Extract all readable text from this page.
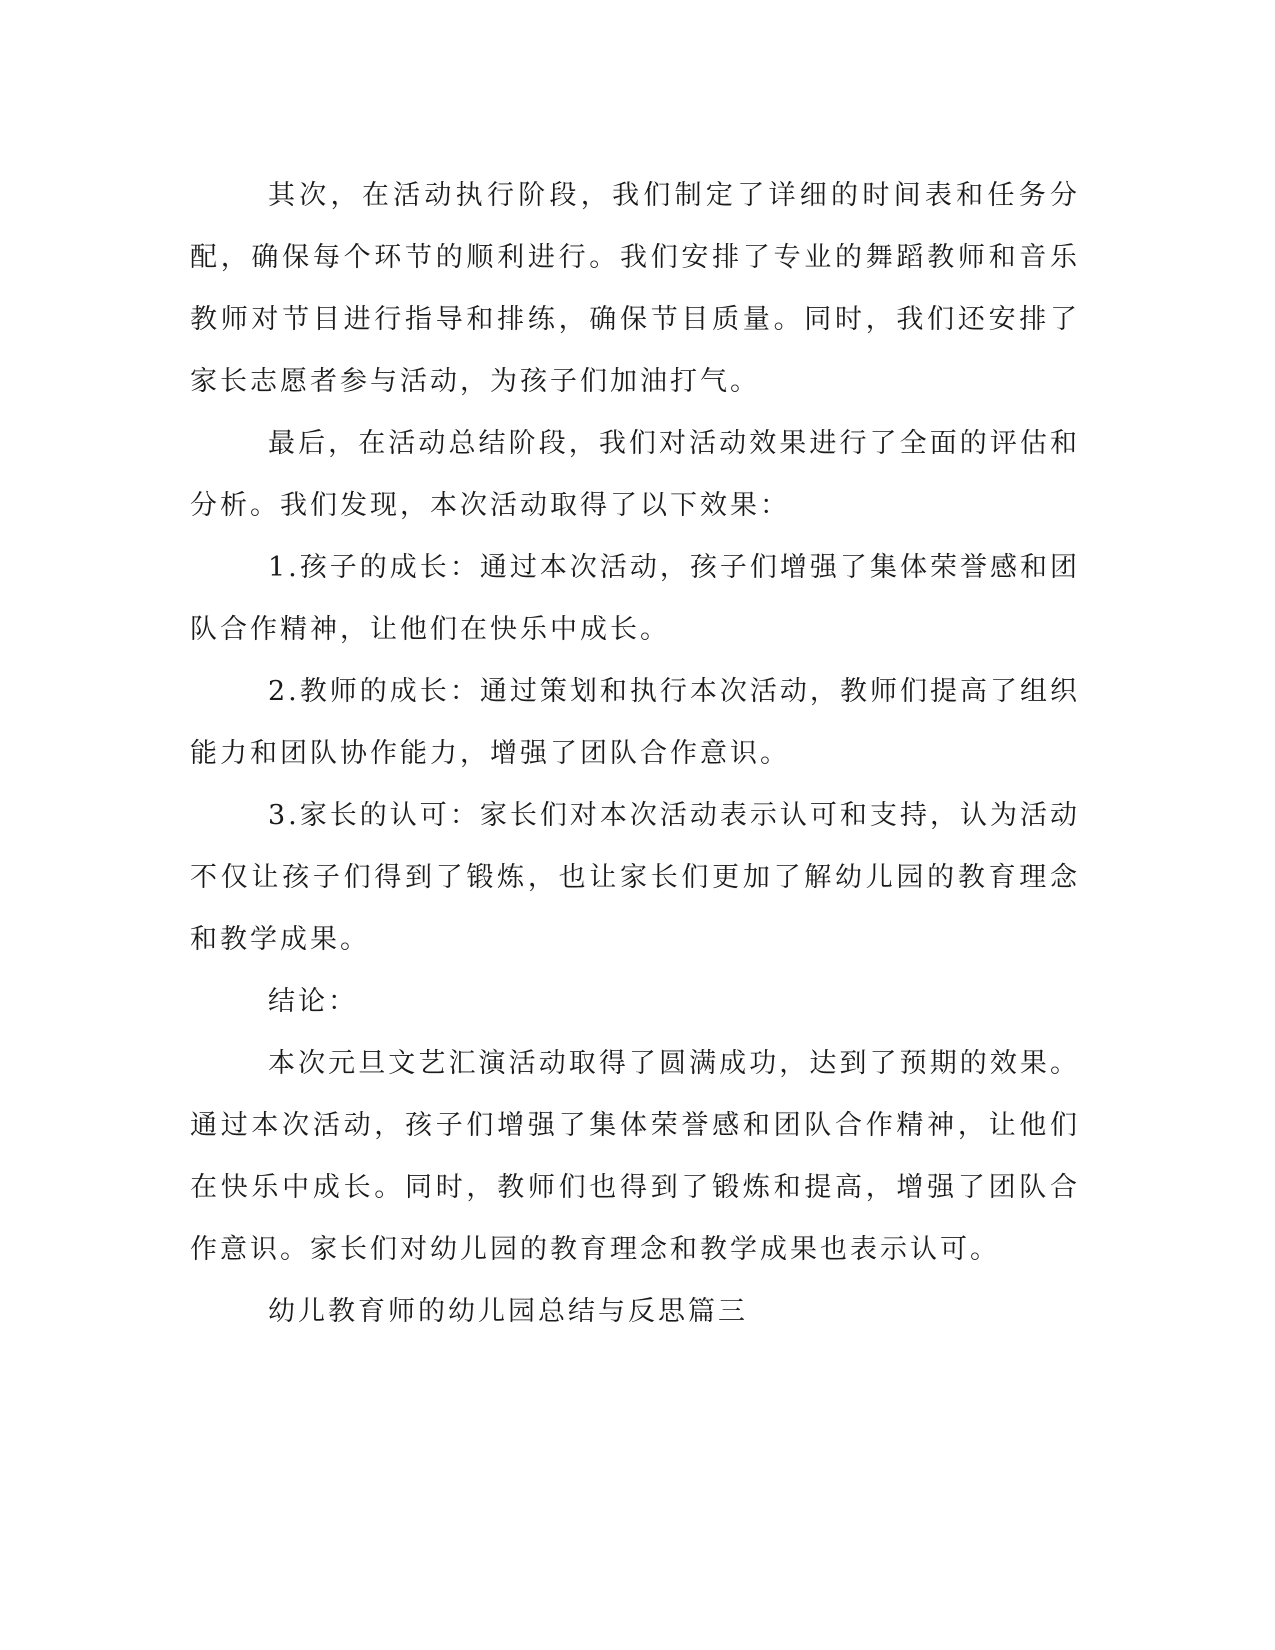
其次，在活动执行阶段，我们制定了详细的时间表和任务分配，确保每个环节的顺利进行。我们安排了专业的舞蹈教师和音乐教师对节目进行指导和排练，确保节目质量。同时，我们还安排了家长志愿者参与活动，为孩子们加油打气。

最后，在活动总结阶段，我们对活动效果进行了全面的评估和分析。我们发现，本次活动取得了以下效果：

1.孩子的成长：通过本次活动，孩子们增强了集体荣誉感和团队合作精神，让他们在快乐中成长。

2.教师的成长：通过策划和执行本次活动，教师们提高了组织能力和团队协作能力，增强了团队合作意识。

3.家长的认可：家长们对本次活动表示认可和支持，认为活动不仅让孩子们得到了锻炼，也让家长们更加了解幼儿园的教育理念和教学成果。

结论：

本次元旦文艺汇演活动取得了圆满成功，达到了预期的效果。通过本次活动，孩子们增强了集体荣誉感和团队合作精神，让他们在快乐中成长。同时，教师们也得到了锻炼和提高，增强了团队合作意识。家长们对幼儿园的教育理念和教学成果也表示认可。

幼儿教育师的幼儿园总结与反思篇三
